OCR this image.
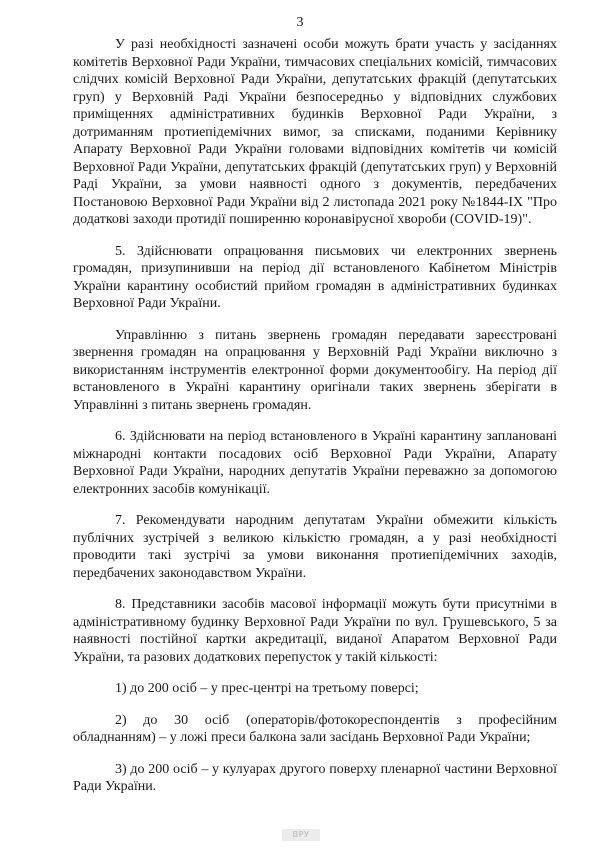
3
У разі необхідності зазначені особи можуть брати участь у засіданнях комітетів Верховної Ради України, тимчасових спеціальних комісій, тимчасових слідчих комісій Верховної Ради України, депутатських фракцій (депутатських груп) у Верховній Раді України безпосередньо у відповідних службових приміщеннях адміністративних будинків Верховної Ради України, з дотриманням протиепідемічних вимог, за списками, поданими Керівнику Апарату Верховної Ради України головами відповідних комітетів чи комісій Верховної Ради України, депутатських фракцій (депутатських груп) у Верховній Раді України, за умови наявності одного з документів, передбачених Постановою Верховної Ради України від 2 листопада 2021 року №1844-IX "Про додаткові заходи протидії поширенню коронавірусної хвороби (COVID-19)".
5. Здійснювати опрацювання письмових чи електронних звернень громадян, призупинивши на період дії встановленого Кабінетом Міністрів України карантину особистий прийом громадян в адміністративних будинках Верховної Ради України.
Управлінню з питань звернень громадян передавати зареєстровані звернення громадян на опрацювання у Верховній Раді України виключно з використанням інструментів електронної форми документообігу. На період дії встановленого в Україні карантину оригінали таких звернень зберігати в Управлінні з питань звернень громадян.
6. Здійснювати на період встановленого в Україні карантину заплановані міжнародні контакти посадових осіб Верховної Ради України, Апарату Верховної Ради України, народних депутатів України переважно за допомогою електронних засобів комунікації.
7. Рекомендувати народним депутатам України обмежити кількість публічних зустрічей з великою кількістю громадян, а у разі необхідності проводити такі зустрічі за умови виконання протиепідемічних заходів, передбачених законодавством України.
8. Представники засобів масової інформації можуть бути присутніми в адміністративному будинку Верховної Ради України по вул. Грушевського, 5 за наявності постійної картки акредитації, виданої Апаратом Верховної Ради України, та разових додаткових перепусток у такій кількості:
1) до 200 осіб – у прес-центрі на третьому поверсі;
2) до 30 осіб (операторів/фотокореспондентів з професійним обладнанням) – у ложі преси балкона зали засідань Верховної Ради України;
3) до 200 осіб – у кулуарах другого поверху пленарної частини Верховної Ради України.
ВРУ
